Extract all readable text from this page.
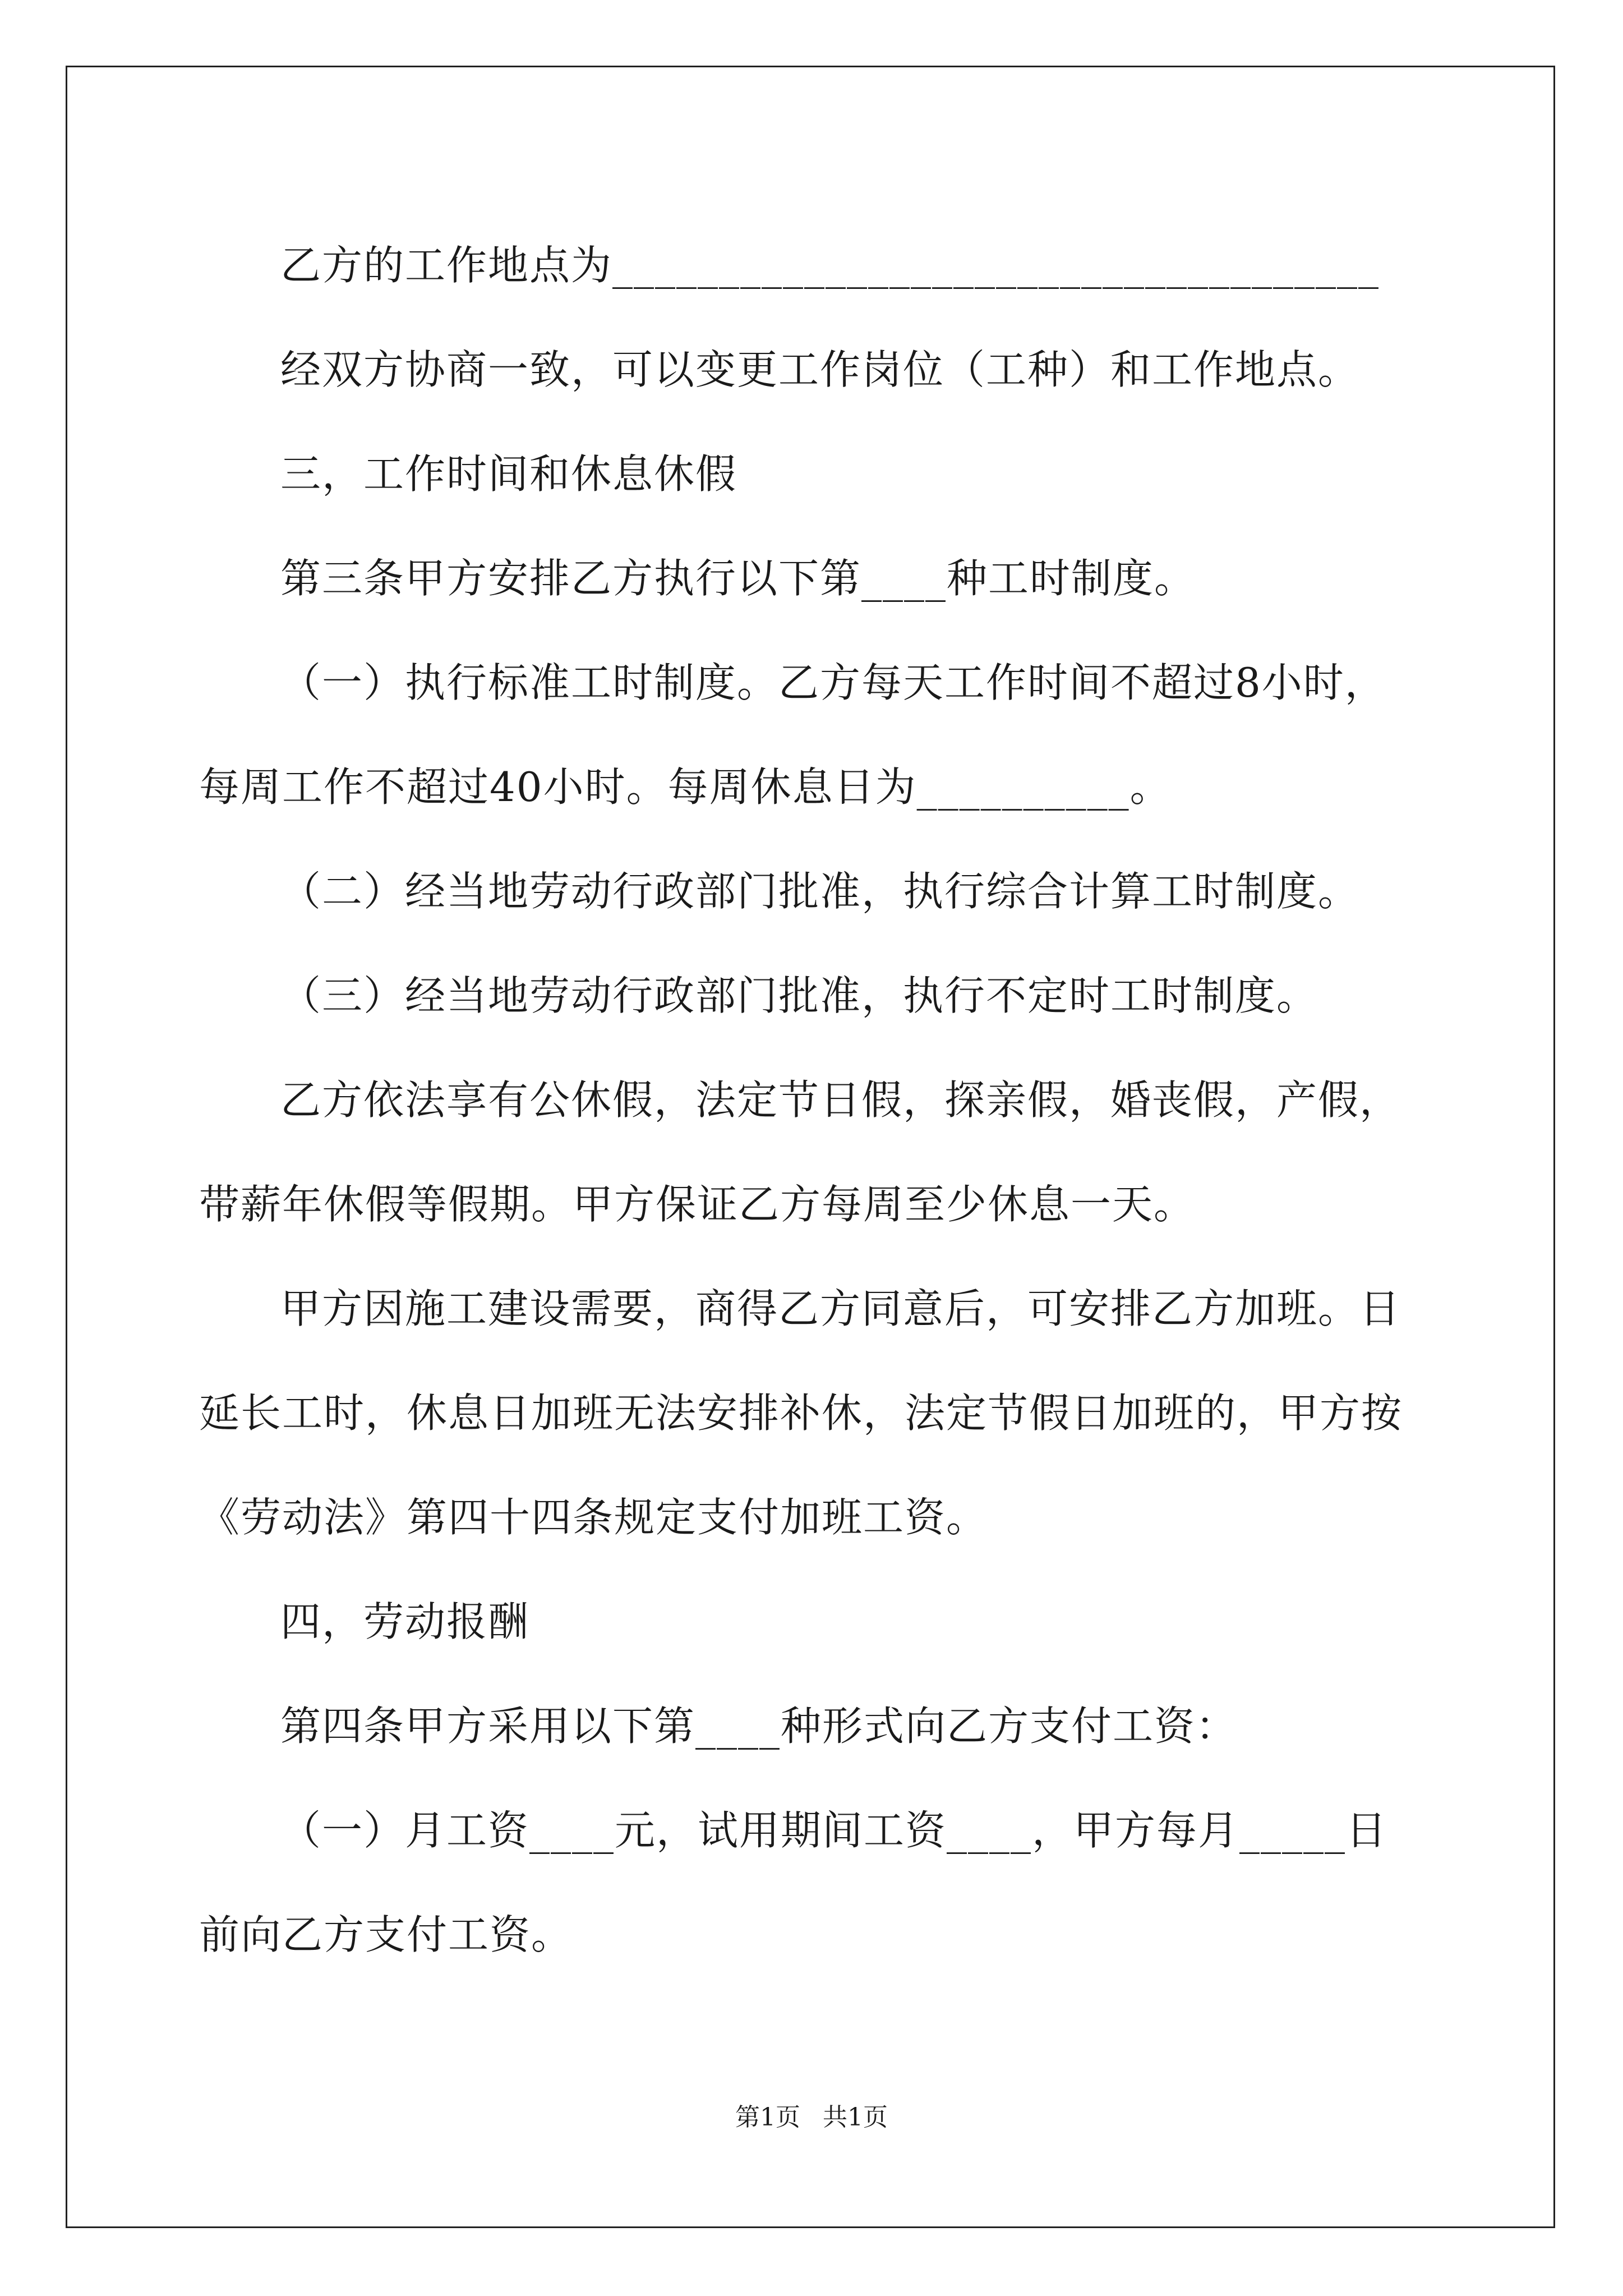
乙方的工作地点为____________________________________

经双方协商一致，可以变更工作岗位（工种）和工作地点。

三，工作时间和休息休假

第三条甲方安排乙方执行以下第____种工时制度。

（一）执行标准工时制度。乙方每天工作时间不超过8小时，每周工作不超过40小时。每周休息日为__________。

（二）经当地劳动行政部门批准，执行综合计算工时制度。

（三）经当地劳动行政部门批准，执行不定时工时制度。

乙方依法享有公休假，法定节日假，探亲假，婚丧假，产假，带薪年休假等假期。甲方保证乙方每周至少休息一天。

甲方因施工建设需要，商得乙方同意后，可安排乙方加班。日延长工时，休息日加班无法安排补休，法定节假日加班的，甲方按《劳动法》第四十四条规定支付加班工资。

四，劳动报酬

第四条甲方采用以下第____种形式向乙方支付工资：

（一）月工资____元，试用期间工资____，甲方每月_____日前向乙方支付工资。

第1页 共1页
